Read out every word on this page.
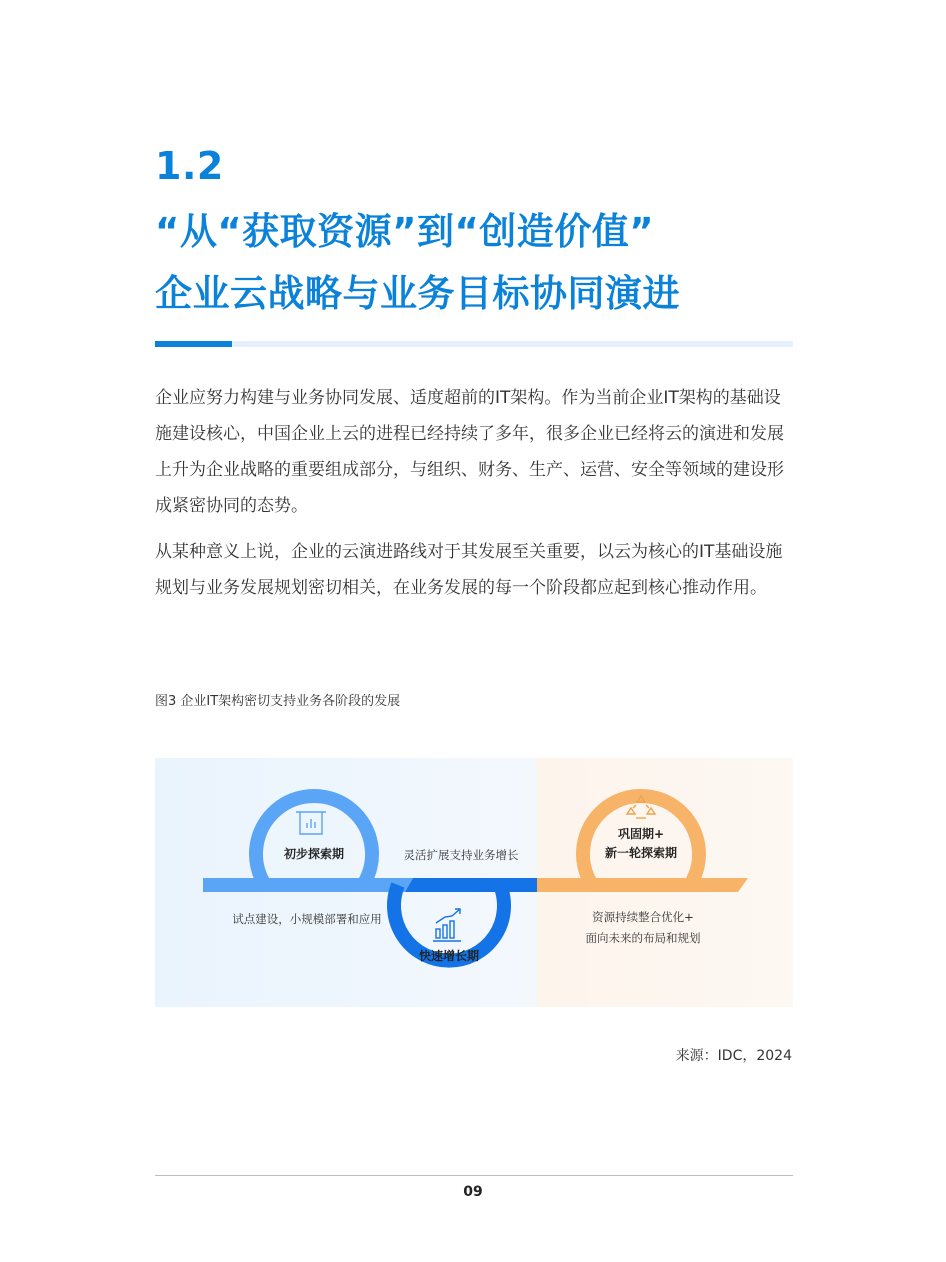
1.2
“从“获取资源”到“创造价值”
企业云战略与业务目标协同演进

企业应努力构建与业务协同发展、适度超前的IT架构。作为当前企业IT架构的基础设施建设核心，中国企业上云的进程已经持续了多年，很多企业已经将云的演进和发展上升为企业战略的重要组成部分，与组织、财务、生产、运营、安全等领域的建设形成紧密协同的态势。

从某种意义上说，企业的云演进路线对于其发展至关重要，以云为核心的IT基础设施规划与业务发展规划密切相关，在业务发展的每一个阶段都应起到核心推动作用。

图3 企业IT架构密切支持业务各阶段的发展
初步探索期
快速增长期
巩固期+
新一轮探索期
试点建设，小规模部署和应用
灵活扩展支持业务增长
资源持续整合优化+
面向未来的布局和规划
来源：IDC，2024
09
